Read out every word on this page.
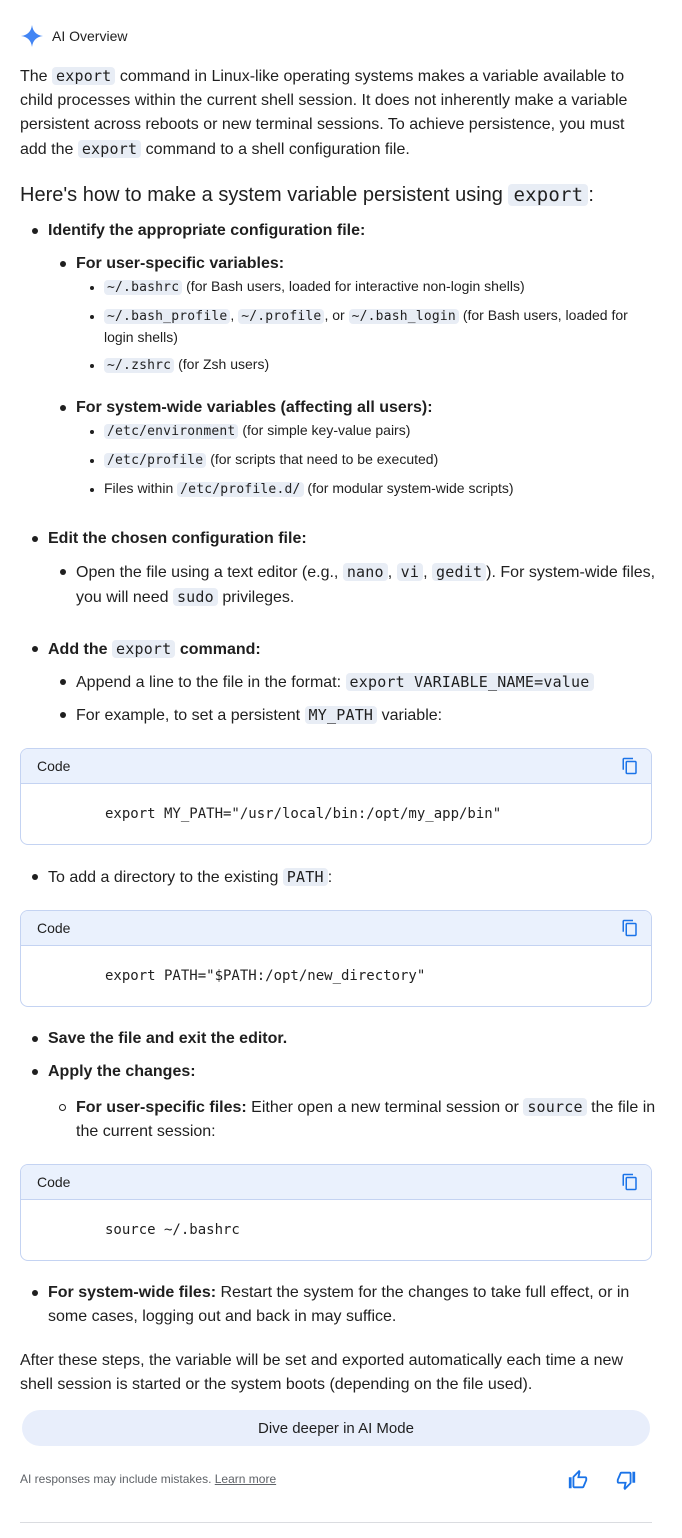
AI Overview
The export command in Linux-like operating systems makes a variable available to child processes within the current shell session. It does not inherently make a variable persistent across reboots or new terminal sessions. To achieve persistence, you must add the export command to a shell configuration file.
Here's how to make a system variable persistent using export :
Identify the appropriate configuration file:
For user-specific variables:
~/.bashrc (for Bash users, loaded for interactive non-login shells)
~/.bash_profile , ~/.profile , or ~/.bash_login (for Bash users, loaded for login shells)
~/.zshrc (for Zsh users)
For system-wide variables (affecting all users):
/etc/environment (for simple key-value pairs)
/etc/profile (for scripts that need to be executed)
Files within /etc/profile.d/ (for modular system-wide scripts)
Edit the chosen configuration file:
Open the file using a text editor (e.g., nano , vi , gedit ). For system-wide files, you will need sudo privileges.
Add the export command:
Append a line to the file in the format: export VARIABLE_NAME=value
For example, to set a persistent MY_PATH variable:
Code
export MY_PATH="/usr/local/bin:/opt/my_app/bin"
To add a directory to the existing PATH :
Code
export PATH="$PATH:/opt/new_directory"
Save the file and exit the editor.
Apply the changes:
For user-specific files: Either open a new terminal session or source the file in the current session:
Code
source ~/.bashrc
For system-wide files: Restart the system for the changes to take full effect, or in some cases, logging out and back in may suffice.
After these steps, the variable will be set and exported automatically each time a new shell session is started or the system boots (depending on the file used).
Dive deeper in AI Mode
AI responses may include mistakes. Learn more
